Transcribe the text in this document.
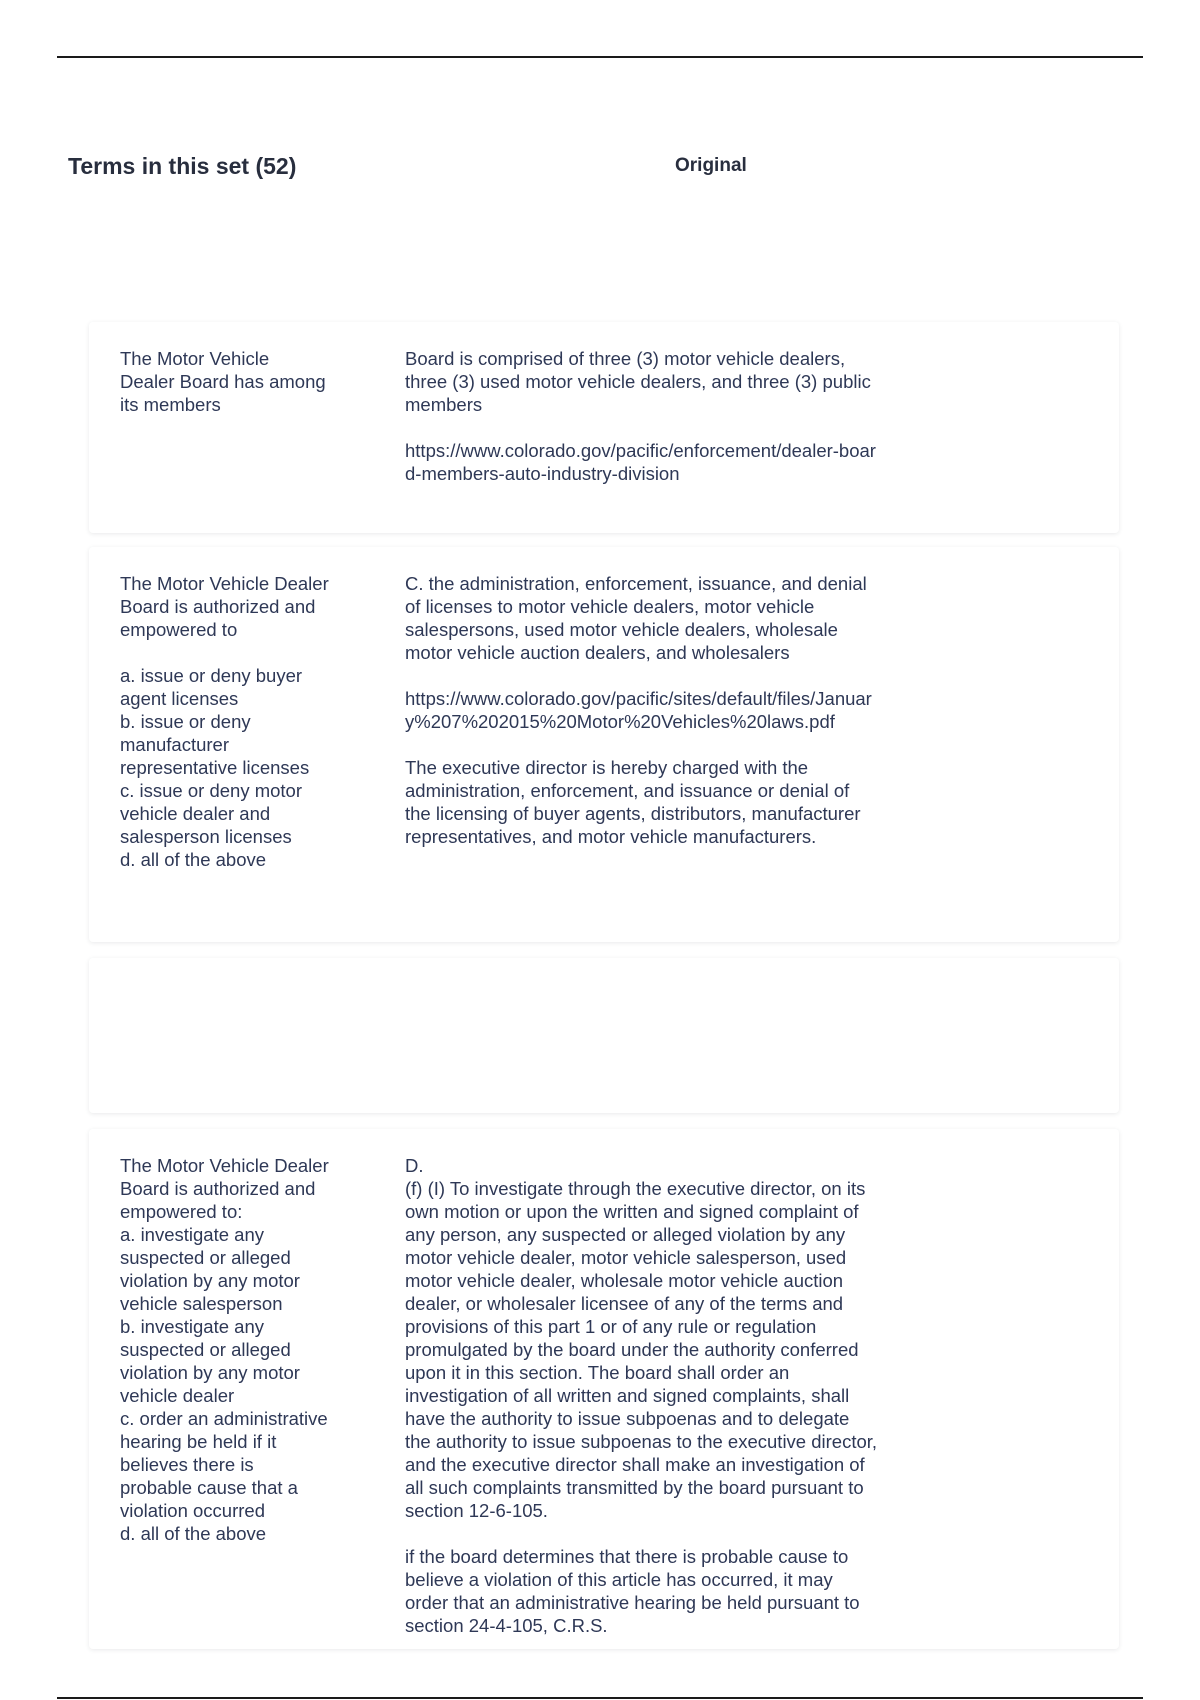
Terms in this set (52)	Original
The Motor Vehicle
Dealer Board has among
its members

Board is comprised of three (3) motor vehicle dealers, three (3) used motor vehicle dealers, and three (3) public members

https://www.colorado.gov/pacific/enforcement/dealer-board-members-auto-industry-division

The Motor Vehicle Dealer
Board is authorized and
empowered to

a. issue or deny buyer
agent licenses
b. issue or deny
manufacturer
representative licenses
c. issue or deny motor
vehicle dealer and
salesperson licenses
d. all of the above

C. the administration, enforcement, issuance, and denial of licenses to motor vehicle dealers, motor vehicle salespersons, used motor vehicle dealers, wholesale motor vehicle auction dealers, and wholesalers

https://www.colorado.gov/pacific/sites/default/files/January%207%202015%20Motor%20Vehicles%20laws.pdf

The executive director is hereby charged with the administration, enforcement, and issuance or denial of the licensing of buyer agents, distributors, manufacturer representatives, and motor vehicle manufacturers.

The Motor Vehicle Dealer
Board is authorized and
empowered to:
a. investigate any
suspected or alleged
violation by any motor
vehicle salesperson
b. investigate any
suspected or alleged
violation by any motor
vehicle dealer
c. order an administrative
hearing be held if it
believes there is
probable cause that a
violation occurred
d. all of the above

D.
(f) (I) To investigate through the executive director, on its own motion or upon the written and signed complaint of any person, any suspected or alleged violation by any motor vehicle dealer, motor vehicle salesperson, used motor vehicle dealer, wholesale motor vehicle auction dealer, or wholesaler licensee of any of the terms and provisions of this part 1 or of any rule or regulation promulgated by the board under the authority conferred upon it in this section. The board shall order an investigation of all written and signed complaints, shall have the authority to issue subpoenas and to delegate the authority to issue subpoenas to the executive director, and the executive director shall make an investigation of all such complaints transmitted by the board pursuant to section 12-6-105.

if the board determines that there is probable cause to believe a violation of this article has occurred, it may order that an administrative hearing be held pursuant to section 24-4-105, C.R.S.
